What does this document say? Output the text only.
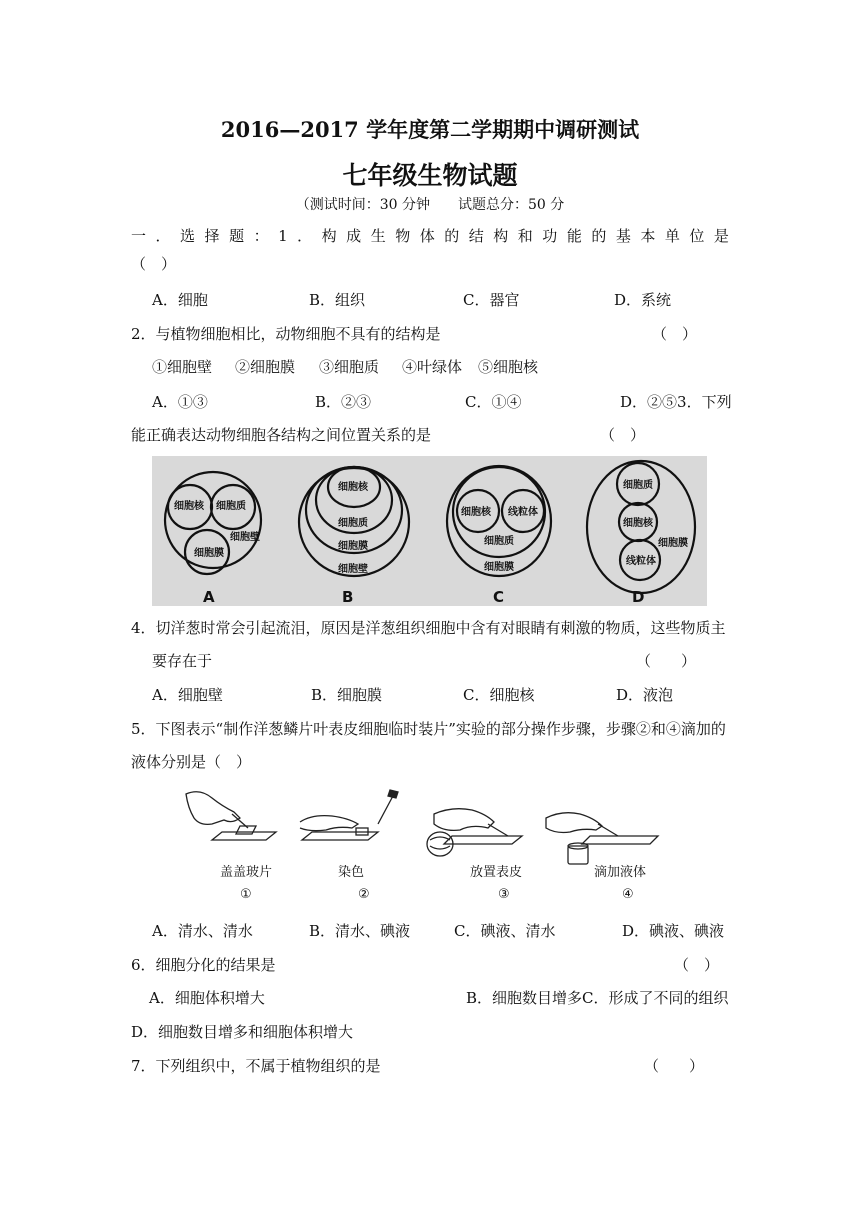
2016—2017 学年度第二学期期中调研测试
七年级生物试题
（测试时间：30 分钟　　试题总分：50 分
一 ． 选 择 题 ： 1 ． 构 成 生 物 体 的 结 构 和 功 能 的 基 本 单 位 是
（　）
A．细胞	B．组织	C．器官	D．系统
2．与植物细胞相比，动物细胞不具有的结构是	（　）
①细胞壁 ②细胞膜 ③细胞质 ④叶绿体 ⑤细胞核
A．①③	B．②③	C．①④	D．②⑤3．下列
能正确表达动物细胞各结构之间位置关系的是	（　）
细胞核 细胞质
细胞膜
细胞壁
细胞核
细胞质
细胞膜
细胞壁
细胞核 线粒体
细胞质
细胞膜
细胞质
细胞核
细胞膜
线粒体
A	B	C	D
4．切洋葱时常会引起流泪，原因是洋葱组织细胞中含有对眼睛有刺激的物质，这些物质主
要存在于	（　　）
A．细胞壁	B．细胞膜	C．细胞核	D．液泡
5．下图表示“制作洋葱鳞片叶表皮细胞临时装片”实验的部分操作步骤，步骤②和④滴加的
液体分别是（　）
盖盖玻片
①
染色
②
放置表皮
③
滴加液体
④
A．清水、清水	B．清水、碘液	C．碘液、清水	D．碘液、碘液
6．细胞分化的结果是	（　）
A．细胞体积增大	B．细胞数目增多C．形成了不同的组织
D．细胞数目增多和细胞体积增大
7．下列组织中，不属于植物组织的是	（　　）
